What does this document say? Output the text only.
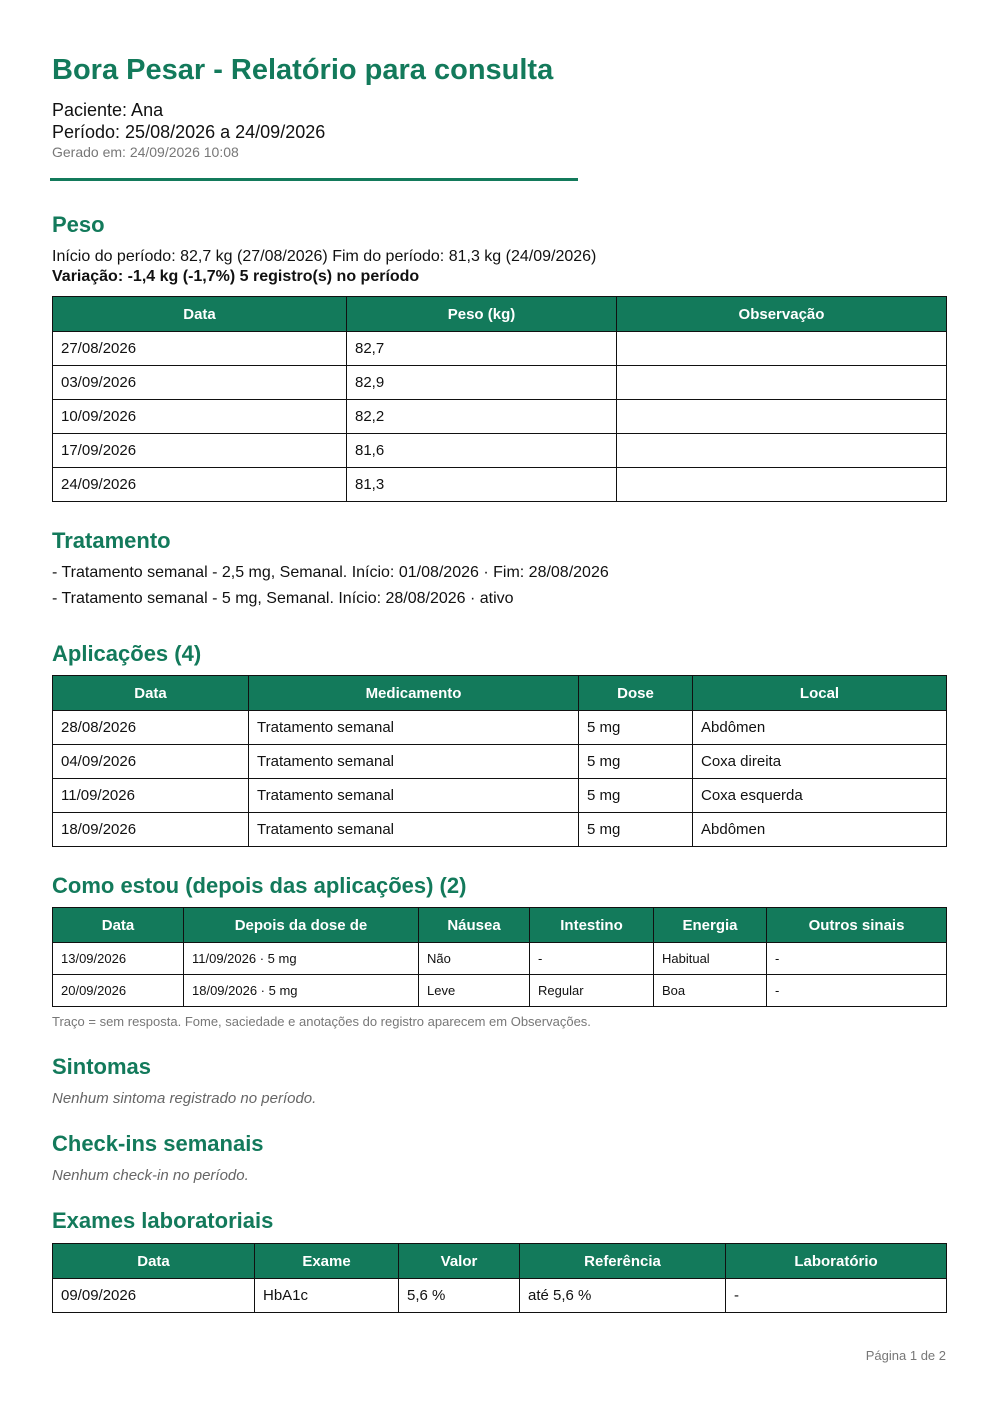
Bora Pesar - Relatório para consulta
Paciente: Ana
Período: 25/08/2026 a 24/09/2026
Gerado em: 24/09/2026 10:08
Peso
Início do período: 82,7 kg (27/08/2026) Fim do período: 81,3 kg (24/09/2026)
Variação: -1,4 kg (-1,7%) 5 registro(s) no período
Data	Peso (kg)	Observação
27/08/2026	82,7	
03/09/2026	82,9	
10/09/2026	82,2	
17/09/2026	81,6	
24/09/2026	81,3	
Tratamento
- Tratamento semanal - 2,5 mg, Semanal. Início: 01/08/2026 · Fim: 28/08/2026
- Tratamento semanal - 5 mg, Semanal. Início: 28/08/2026 · ativo
Aplicações (4)
Data	Medicamento	Dose	Local
28/08/2026	Tratamento semanal	5 mg	Abdômen
04/09/2026	Tratamento semanal	5 mg	Coxa direita
11/09/2026	Tratamento semanal	5 mg	Coxa esquerda
18/09/2026	Tratamento semanal	5 mg	Abdômen
Como estou (depois das aplicações) (2)
Data	Depois da dose de	Náusea	Intestino	Energia	Outros sinais
13/09/2026	11/09/2026 · 5 mg	Não	-	Habitual	-
20/09/2026	18/09/2026 · 5 mg	Leve	Regular	Boa	-
Traço = sem resposta. Fome, saciedade e anotações do registro aparecem em Observações.
Sintomas
Nenhum sintoma registrado no período.
Check-ins semanais
Nenhum check-in no período.
Exames laboratoriais
Data	Exame	Valor	Referência	Laboratório
09/09/2026	HbA1c	5,6 %	até 5,6 %	-
Página 1 de 2
